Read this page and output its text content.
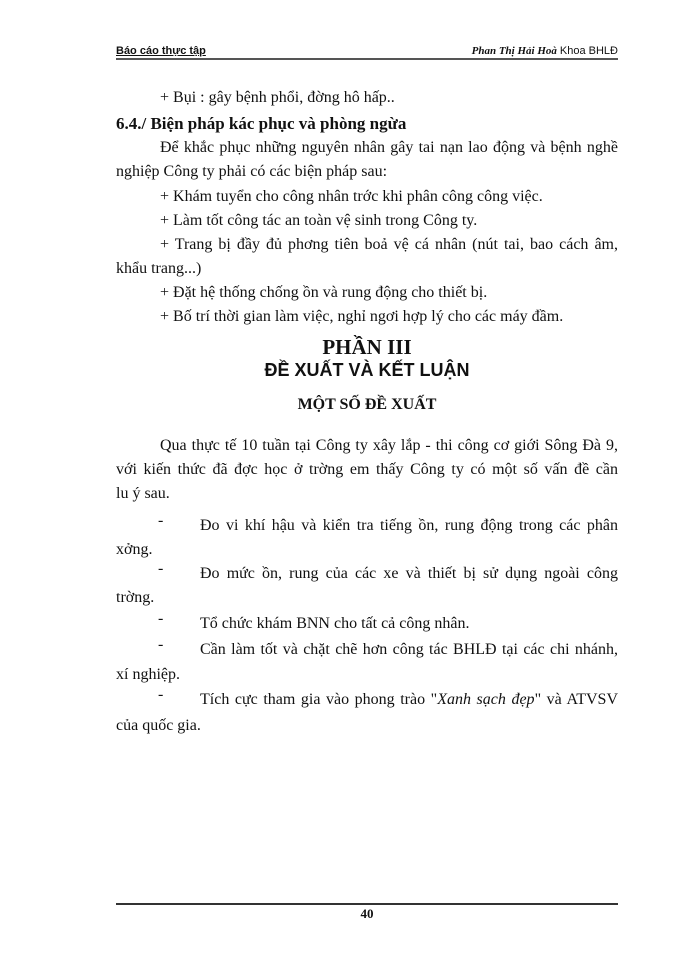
Báo cáo thực tập	Phan Thị Hải Hoà Khoa BHLĐ
+ Bụi : gây bệnh phổi, đờng hô hấp..
6.4./ Biện pháp kác phục và phòng ngừa
Để khắc phục những nguyên nhân gây tai nạn lao động và bệnh nghề
nghiệp Công ty phải có các biện pháp sau:
+ Khám tuyển cho công nhân trớc khi phân công công việc.
+ Làm tốt công tác an toàn vệ sinh trong Công ty.
+ Trang bị đầy đủ phơng tiên boả vệ cá nhân (nút tai, bao cách âm,
khẩu trang...)
+ Đặt hệ thống chống ồn và rung động cho thiết bị.
+ Bố trí thời gian làm việc, nghỉ ngơi hợp lý cho các máy đầm.
PHẦN III
ĐỀ XUẤT VÀ KẾT LUẬN
MỘT SỐ ĐỀ XUẤT
Qua thực tế 10 tuần tại Công ty xây lắp - thi công cơ giới Sông Đà 9,
với kiến thức đã đợc học ở trờng em thấy Công ty có một số vấn đề cần
lu ý sau.
- Đo vi khí hậu và kiển tra tiếng ồn, rung động trong các phân
xởng.
- Đo mức ồn, rung của các xe và thiết bị sử dụng ngoài công
trờng.
- Tổ chức khám BNN cho tất cả công nhân.
- Cần làm tốt và chặt chẽ hơn công tác BHLĐ tại các chi nhánh,
xí nghiệp.
- Tích cực tham gia vào phong trào "Xanh sạch đẹp" và ATVSV
của quốc gia.
40
